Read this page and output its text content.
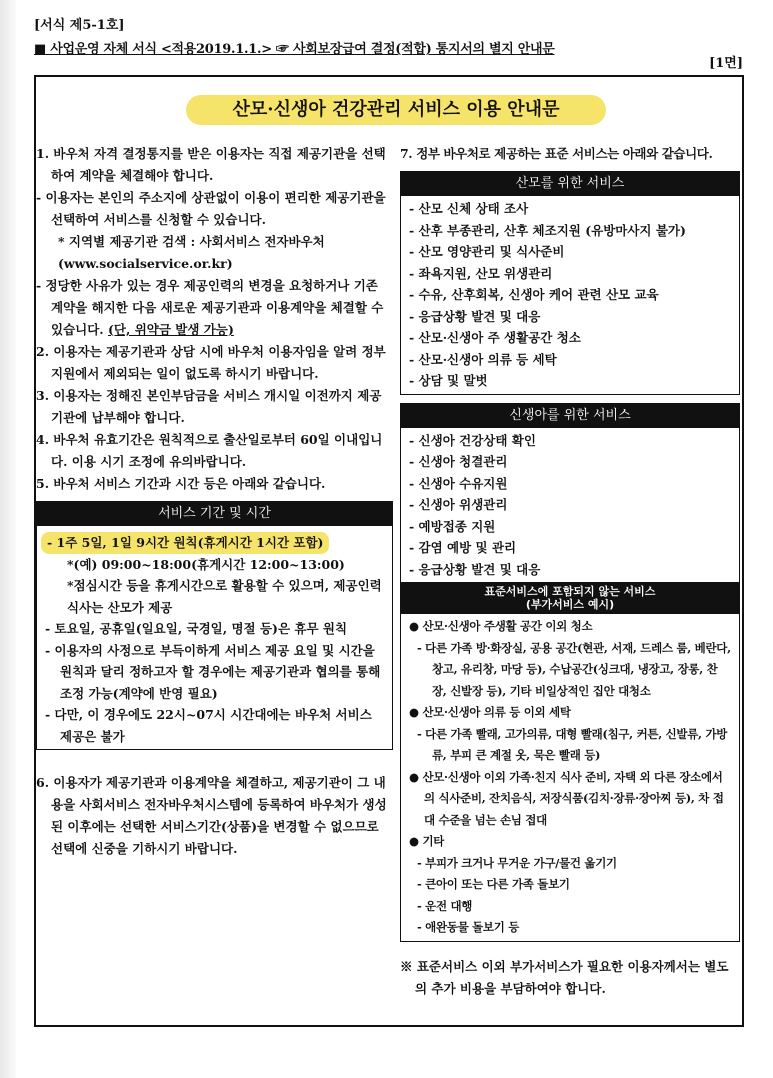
[서식 제5-1호]
■ 사업운영 자체 서식 <적용2019.1.1.> ☞ 사회보장급여 결정(적합) 통지서의 별지 안내문
[1면]
산모·신생아 건강관리 서비스 이용 안내문

1. 바우처 자격 결정통지를 받은 이용자는 직접 제공기관을 선택하여 계약을 체결해야 합니다.

- 이용자는 본인의 주소지에 상관없이 이용이 편리한 제공기관을 선택하여 서비스를 신청할 수 있습니다.

* 지역별 제공기관 검색 : 사회서비스 전자바우처 (www.socialservice.or.kr)

- 정당한 사유가 있는 경우 제공인력의 변경을 요청하거나 기존 계약을 해지한 다음 새로운 제공기관과 이용계약을 체결할 수 있습니다. (단, 위약금 발생 가능)

2. 이용자는 제공기관과 상담 시에 바우처 이용자임을 알려 정부지원에서 제외되는 일이 없도록 하시기 바랍니다.

3. 이용자는 정해진 본인부담금을 서비스 개시일 이전까지 제공기관에 납부해야 합니다.

4. 바우처 유효기간은 원칙적으로 출산일로부터 60일 이내입니다. 이용 시기 조정에 유의바랍니다.

5. 바우처 서비스 기간과 시간 등은 아래와 같습니다.

서비스 기간 및 시간

- 1주 5일, 1일 9시간 원칙(휴게시간 1시간 포함)

*(예) 09:00~18:00(휴게시간 12:00~13:00)

*점심시간 등을 휴게시간으로 활용할 수 있으며, 제공인력 식사는 산모가 제공

- 토요일, 공휴일(일요일, 국경일, 명절 등)은 휴무 원칙

- 이용자의 사정으로 부득이하게 서비스 제공 요일 및 시간을 원칙과 달리 정하고자 할 경우에는 제공기관과 협의를 통해 조정 가능(계약에 반영 필요)

- 다만, 이 경우에도 22시~07시 시간대에는 바우처 서비스 제공은 불가

6. 이용자가 제공기관과 이용계약을 체결하고, 제공기관이 그 내용을 사회서비스 전자바우처시스템에 등록하여 바우처가 생성된 이후에는 선택한 서비스기간(상품)을 변경할 수 없으므로 선택에 신중을 기하시기 바랍니다.

7. 정부 바우처로 제공하는 표준 서비스는 아래와 같습니다.

산모를 위한 서비스

- 산모 신체 상태 조사

- 산후 부종관리, 산후 체조지원 (유방마사지 불가)

- 산모 영양관리 및 식사준비

- 좌욕지원, 산모 위생관리

- 수유, 산후회복, 신생아 케어 관련 산모 교육

- 응급상황 발견 및 대응

- 산모·신생아 주 생활공간 청소

- 산모·신생아 의류 등 세탁

- 상담 및 말벗

신생아를 위한 서비스

- 신생아 건강상태 확인

- 신생아 청결관리

- 신생아 수유지원

- 신생아 위생관리

- 예방접종 지원

- 감염 예방 및 관리

- 응급상황 발견 및 대응

표준서비스에 포함되지 않는 서비스
(부가서비스 예시)

● 산모·신생아 주생활 공간 이외 청소

- 다른 가족 방·화장실, 공용 공간(현관, 서재, 드레스 룸, 베란다, 창고, 유리창, 마당 등), 수납공간(싱크대, 냉장고, 장롱, 찬장, 신발장 등), 기타 비일상적인 집안 대청소

● 산모·신생아 의류 등 이외 세탁

- 다른 가족 빨래, 고가의류, 대형 빨래(침구, 커튼, 신발류, 가방류, 부피 큰 계절 옷, 묵은 빨래 등)

● 산모·신생아 이외 가족·친지 식사 준비, 자택 외 다른 장소에서의 식사준비, 잔치음식, 저장식품(김치·장류·장아찌 등), 차 접대 수준을 넘는 손님 접대

● 기타

- 부피가 크거나 무거운 가구/물건 옮기기

- 큰아이 또는 다른 가족 돌보기

- 운전 대행

- 애완동물 돌보기 등

※ 표준서비스 이외 부가서비스가 필요한 이용자께서는 별도의 추가 비용을 부담하여야 합니다.
